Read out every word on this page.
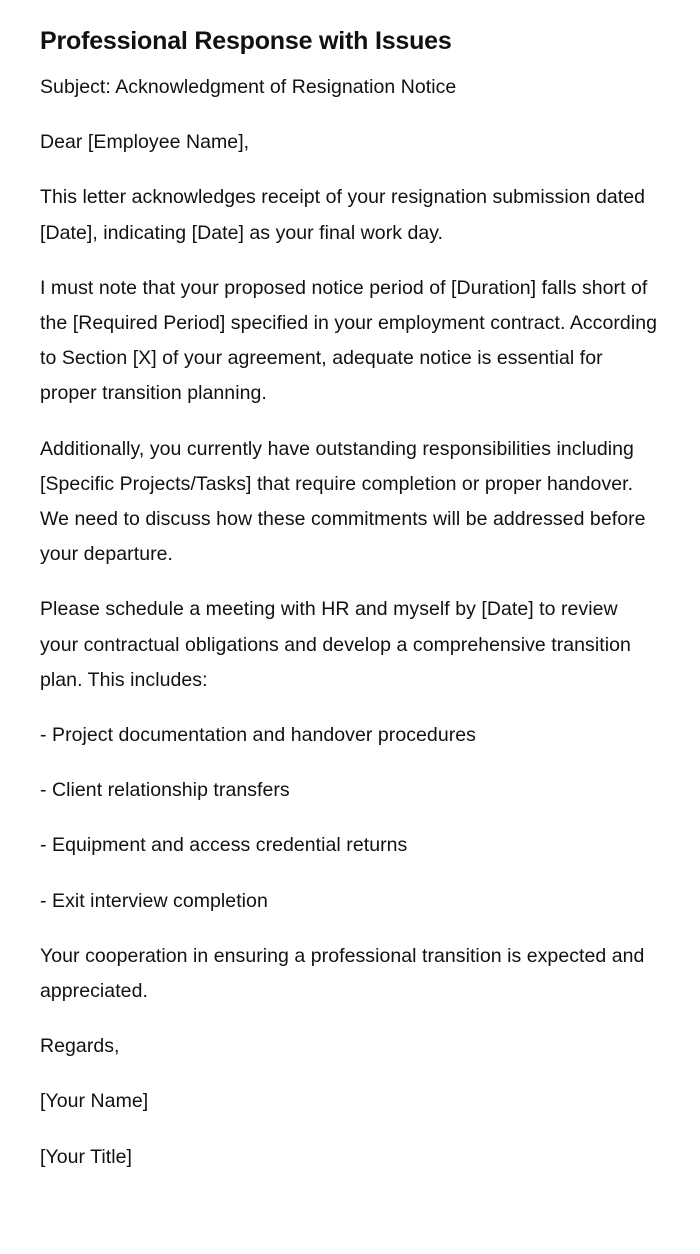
Professional Response with Issues

Subject: Acknowledgment of Resignation Notice

Dear [Employee Name],

This letter acknowledges receipt of your resignation submission dated [Date], indicating [Date] as your final work day.

I must note that your proposed notice period of [Duration] falls short of the [Required Period] specified in your employment contract. According to Section [X] of your agreement, adequate notice is essential for proper transition planning.

Additionally, you currently have outstanding responsibilities including [Specific Projects/Tasks] that require completion or proper handover. We need to discuss how these commitments will be addressed before your departure.

Please schedule a meeting with HR and myself by [Date] to review your contractual obligations and develop a comprehensive transition plan. This includes:

- Project documentation and handover procedures

- Client relationship transfers

- Equipment and access credential returns

- Exit interview completion

Your cooperation in ensuring a professional transition is expected and appreciated.

Regards,

[Your Name]

[Your Title]
